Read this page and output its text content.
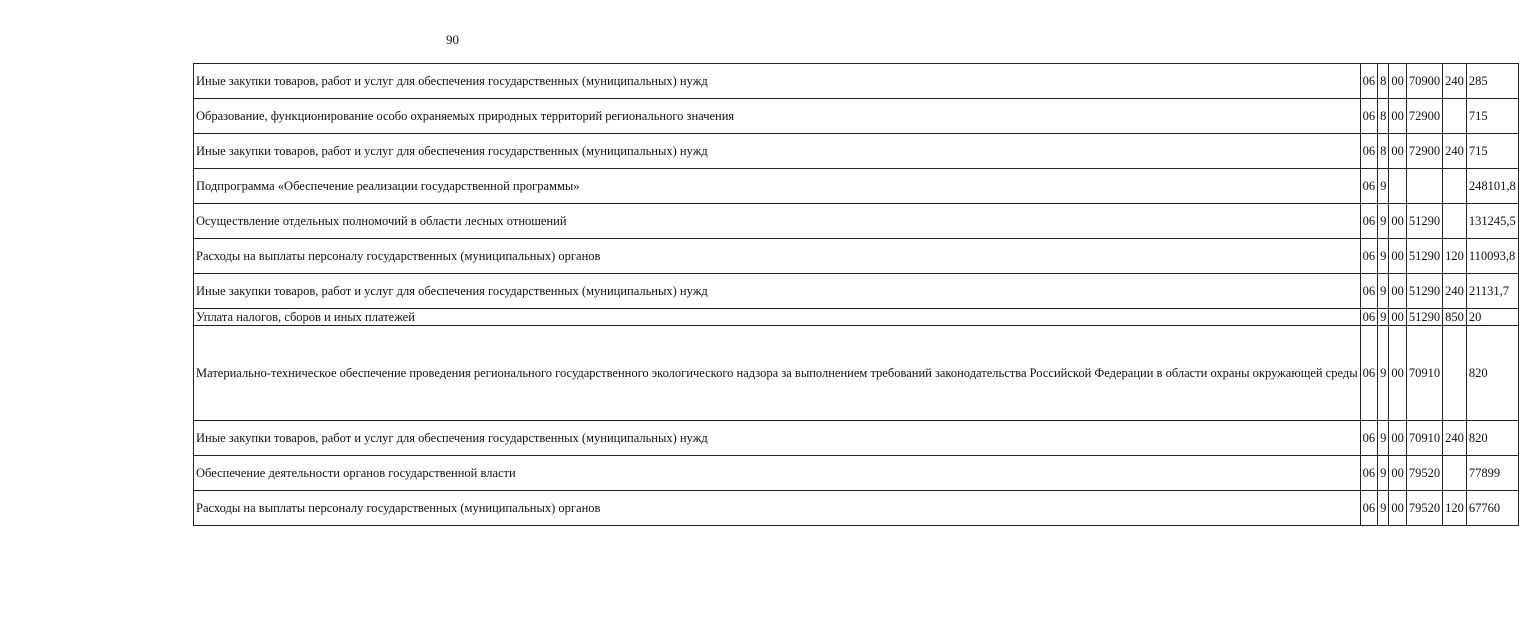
90
Иные закупки товаров, работ и услуг для обеспечения государственных (муниципальных) нужд	06	8	00	70900	240	285
Образование, функционирование особо охраняемых природных территорий регионального значения	06	8	00	72900		715
Иные закупки товаров, работ и услуг для обеспечения государственных (муниципальных) нужд	06	8	00	72900	240	715
Подпрограмма «Обеспечение реализации государственной программы»	06	9				248101,8
Осуществление отдельных полномочий в области лесных отношений	06	9	00	51290		131245,5
Расходы на выплаты персоналу государственных (муниципальных) органов	06	9	00	51290	120	110093,8
Иные закупки товаров, работ и услуг для обеспечения государственных (муниципальных) нужд	06	9	00	51290	240	21131,7
Уплата налогов, сборов и иных платежей	06	9	00	51290	850	20
Материально-техническое обеспечение проведения регионального государственного экологического надзора за выполнением требований законодательства Российской Федерации в области охраны окружающей среды	06	9	00	70910		820
Иные закупки товаров, работ и услуг для обеспечения государственных (муниципальных) нужд	06	9	00	70910	240	820
Обеспечение деятельности органов государственной власти	06	9	00	79520		77899
Расходы на выплаты персоналу государственных (муниципальных) органов	06	9	00	79520	120	67760
